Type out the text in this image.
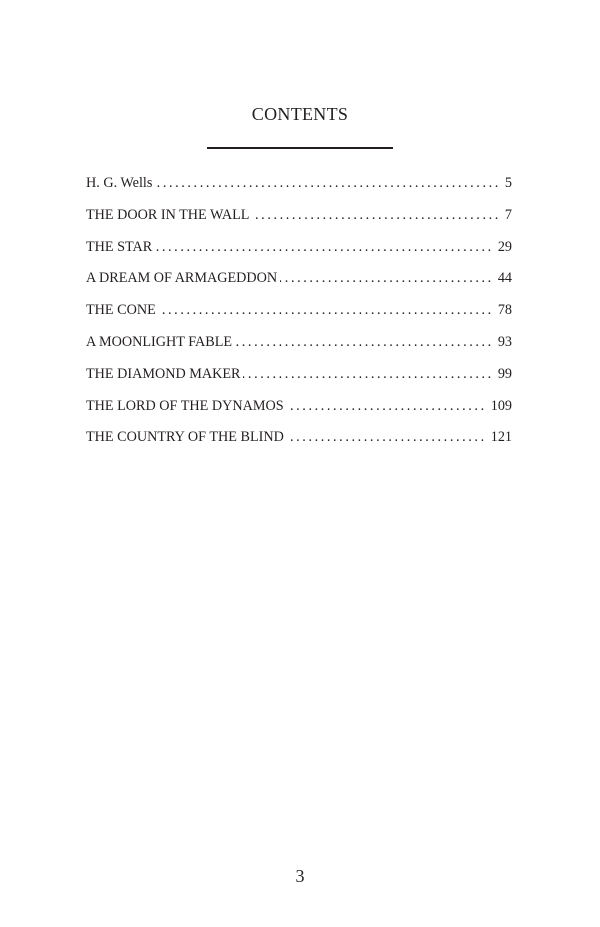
CONTENTS
H. G. Wells .....	5
THE DOOR IN THE WALL .....	7
THE STAR .....	29
A DREAM OF ARMAGEDDON .....	44
THE CONE .....	78
A MOONLIGHT FABLE .....	93
THE DIAMOND MAKER .....	99
THE LORD OF THE DYNAMOS .....	109
THE COUNTRY OF THE BLIND .....	121
3
